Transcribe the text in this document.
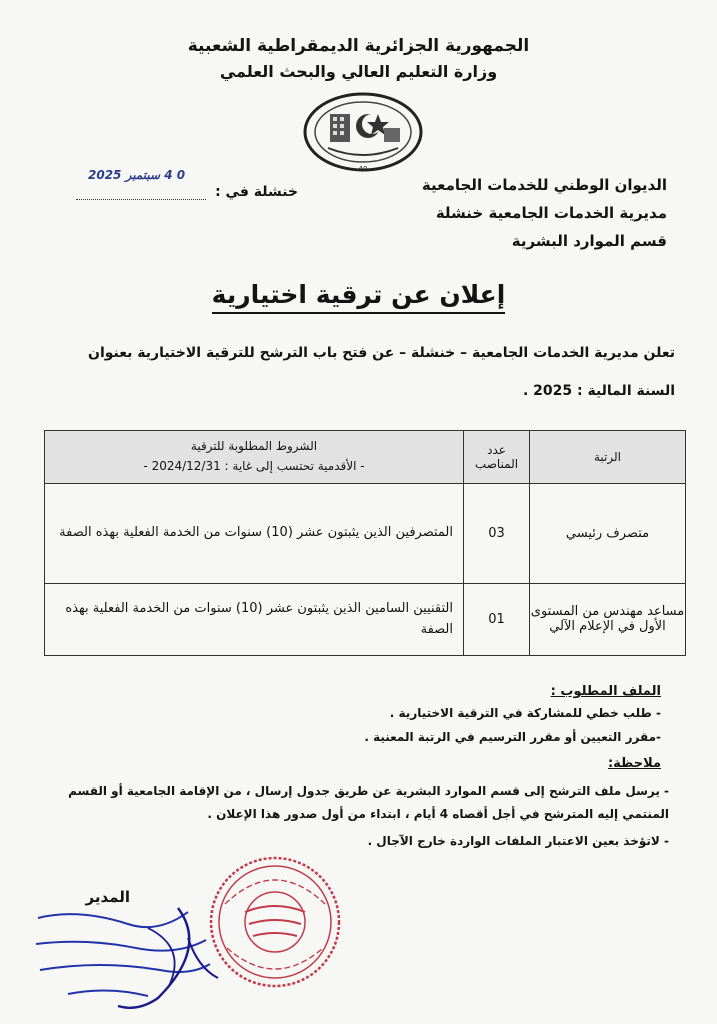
الجمهورية الجزائرية الديمقراطية الشعبية
وزارة التعليم العالي والبحث العلمي
-40-
0 4 سبتمبر 2025
خنشلة في :	الديوان الوطني للخدمات الجامعية
مديرية الخدمات الجامعية خنشلة
قسم الموارد البشرية
إعلان عن ترقية اختيارية
تعلن مديرية الخدمات الجامعية – خنشلة – عن فتح باب الترشح للترقية الاختيارية بعنوان
السنة المالية : 2025 .
الرتبة	عدد المناصب	الشروط المطلوبة للترقية
- الأقدمية تحتسب إلى غاية : 2024/12/31 -

متصرف رئيسي	03	المتصرفين الذين يثبتون عشر (10) سنوات من الخدمة الفعلية بهذه الصفة
مساعد مهندس من المستوى الأول في الإعلام الآلي	01	التقنيين السامين الذين يثبتون عشر (10) سنوات من الخدمة الفعلية بهذه الصفة
الملف المطلوب :
- طلب خطي للمشاركة في الترقية الاختيارية .
-مقرر التعيين أو مقرر الترسيم في الرتبة المعنية .
ملاحظة:
- يرسل ملف الترشح إلى قسم الموارد البشرية عن طريق جدول إرسال ، من الإقامة الجامعية أو القسم المنتمي إليه المترشح في أجل أقصاه 4 أيام ، ابتداء من أول صدور هذا الإعلان .
- لاتؤخذ بعين الاعتبار الملفات الواردة خارج الآجال .
المدير
